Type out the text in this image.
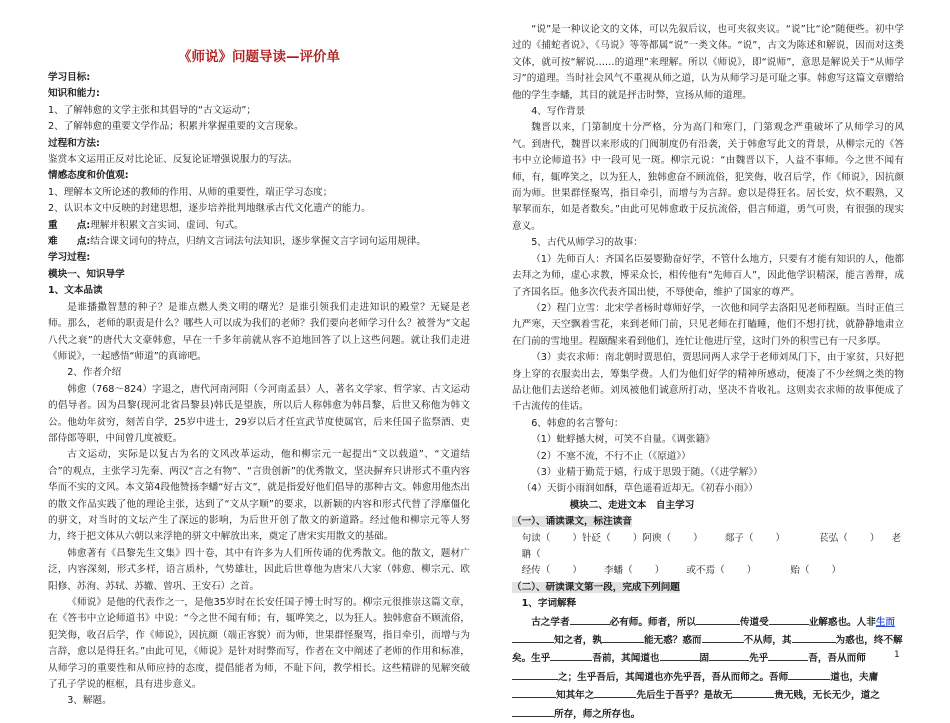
《师说》问题导读—评价单
学习目标:
知识和能力:
1、了解韩愈的文学主张和其倡导的“古文运动”；
2、了解韩愈的重要文学作品；积累并掌握重要的文言现象。
过程和方法:
鉴赏本文运用正反对比论证、反复论证增强说服力的写法。
情感态度和价值观:
1、理解本文所论述的教师的作用、从师的重要性，端正学习态度；
2、认识本文中反映的封建思想，逐步培养批判地继承古代文化遗产的能力。
重　　点:理解并积累文言实词、虚词、句式。
难　　点:结合课文词句的特点，归纳文言词法句法知识，逐步掌握文言字词句运用规律。
学习过程:
模块一、知识导学
1、文本品读
是谁播撒智慧的种子？是谁点燃人类文明的曙光？是谁引领我们走进知识的殿堂？无疑是老师。那么，老师的职责是什么？哪些人可以成为我们的老师？我们要向老师学习什么？被誉为“文起八代之衰”的唐代大文豪韩愈，早在一千多年前就从容不迫地回答了以上这些问题。就让我们走进《师说》，一起感悟“师道”的真谛吧。
2、作者介绍
韩愈（768～824）字退之，唐代河南河阳（今河南孟县）人，著名文学家、哲学家、古文运动的倡导者。因为昌黎(现河北省昌黎县)韩氏是望族，所以后人称韩愈为韩昌黎，后世又称他为韩文公。他幼年贫穷，刻苦自学，25岁中进士，29岁以后才任宣武节度使属官，后来任国子监祭酒、吏部侍郎等职，中间曾几度被贬。
古文运动，实际是以复古为名的文风改革运动，他和柳宗元一起提出“文以载道”、“文道结合”的观点，主张学习先秦、两汉“言之有物”、“言贵创新”的优秀散文，坚决摒弃只讲形式不重内容华而不实的文风。本文第4段他赞扬李蟠“好古文”，就是指爱好他们倡导的那种古文。韩愈用他杰出的散文作品实践了他的理论主张，达到了“文从字顺”的要求，以新颖的内容和形式代替了浮靡僵化的骈文，对当时的文坛产生了深远的影响，为后世开创了散文的新道路。经过他和柳宗元等人努力，终于把文体从六朝以来浮艳的骈文中解放出来，奠定了唐宋实用散文的基础。
韩愈著有《昌黎先生文集》四十卷，其中有许多为人们所传诵的优秀散文。他的散文，题材广泛，内容深刻，形式多样，语言质朴，气势雄壮，因此后世尊他为唐宋八大家（韩愈、柳宗元、欧阳修、苏洵、苏轼、苏辙、曾巩、王安石）之首。
《师说》是他的代表作之一，是他35岁时在长安任国子博士时写的。柳宗元很推崇这篇文章，在《答韦中立论师道书》中说：“今之世不闻有师；有，辄哗笑之，以为狂人。独韩愈奋不顾流俗，犯笑侮，收召后学，作《师说》，因抗颜（端正容貌）而为师，世果群怪聚骂，指目牵引，而增与为言辞，愈以是得狂名。”由此可见，《师说》是针对时弊而写，作者在文中阐述了老师的作用和标准，从师学习的重要性和从师应持的态度，提倡能者为师，不耻下问，教学相长。这些精辟的见解突破了孔子学说的框框，具有进步意义。
3、解题。
“说”是一种议论文的文体，可以先叙后议，也可夹叙夹议。“说”比“论”随便些。初中学过的《捕蛇者说》、《马说》等等都属“说”一类文体。“说”，古文为陈述和解说，因而对这类文体，就可按“解说……的道理”来理解。所以《师说》，即“说师”，意思是解说关于“从师学习”的道理。当时社会风气不重视从师之道，认为从师学习是可耻之事。韩愈写这篇文章赠给他的学生李蟠，其目的就是抨击时弊，宣扬从师的道理。
4、写作背景
魏晋以来，门第制度十分严格，分为高门和寒门，门第观念严重破坏了从师学习的风气。到唐代，魏晋以来形成的门阀制度仍有沿袭，关于韩愈写此文的背景，从柳宗元的《答韦中立论师道书》中一段可见一斑。柳宗元说：“由魏晋以下，人益不事师。今之世不闻有师，有，辄哗笑之，以为狂人，独韩愈奋不顾流俗，犯笑侮，收召后学，作《师说》，因抗颜而为师。世果群怪聚骂，指目牵引，而增与为言辞。愈以是得狂名。居长安，炊不暇熟，又挈挈而东，如是者数矣。”由此可见韩愈敢于反抗流俗，倡言师道，勇气可贵，有很强的现实意义。
5、古代从师学习的故事：
（1）先师百人：齐国名臣晏婴勤奋好学，不管什么地方，只要有才能有知识的人，他都去拜之为师，虚心求教，博采众长，相传他有“先师百人”，因此他学识精深，能言善辩，成了齐国名臣。他多次代表齐国出使，不辱使命，维护了国家的尊严。
（2）程门立雪：北宋学者杨时尊师好学，一次他和同学去洛阳见老师程颐。当时正值三九严寒，天空飘着雪花，来到老师门前，只见老师在打瞌睡，他们不想打扰，就静静地肃立在门前的雪地里。程颐醒来看到他们，连忙让他进厅堂，这时门外的积雪已有一尺多厚。
（3）卖衣求师：南北朝时贾思伯，贾思同两人求学于老师刘凤门下，由于家贫，只好把身上穿的衣服卖出去，筹集学费。人们为他们好学的精神所感动，便凑了不少丝绸之类的物品让他们去送给老师。刘凤被他们诚意所打动，坚决不肯收礼。这则卖衣求师的故事便成了千古流传的佳话。
6、韩愈的名言警句：
（1）蚍蜉撼大树，可笑不自量。《调张籍》
（2）不塞不流，不行不止（《原道》）
（3）业精于勤荒于嬉，行成于思毁于随。（《进学解》）
（4）天街小雨润如酥，草色遥看近却无。《初春小雨》）
模块二、走进文本　自主学习
（一）、诵读课文，标注读音
句读（ ）针砭（ ）阿谀（ ） 郯子（ ）	苌弘（ ） 老聃（
经传（ ） 李蟠（ ） 或不焉（ ）	贻（ ）
（二）、研读课文第一段，完成下列问题
1、字词解释
古之学者	必有师。师者，所以	传道受	业解惑也。人非生而知之者，孰	能无惑？惑而	不从师，其	为惑也，终不解矣。生乎	吾前，其闻道也	固	先乎	吾，吾从而师之；生乎吾后，其闻道也亦先乎吾，吾从而师之。吾师	道也，夫庸知其年之	先后生于吾乎？是故无	贵无贱，无长无少，道之所存，师之所存也。
1
